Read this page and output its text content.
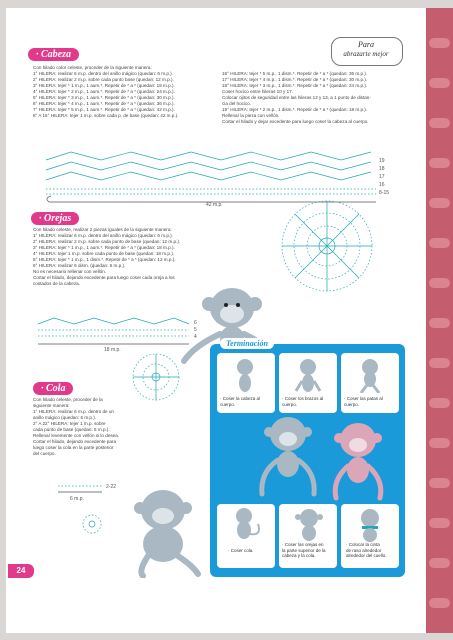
· Cabeza
Con hilado color celeste, proceder de la siguiente manera:
1° HILERA: realizar 6 m.p. dentro del anillo mágico (quedan: 6 m.p.).
2° HILERA: realizar 2 m.p. sobre cada punto base (quedan: 12 m.p.).
3° HILERA: tejer * 1 m.p., 1 aum.*. Repetir de * a * (quedan: 18 m.p.).
4° HILERA: tejer * 2 m.p., 1 aum.*. Repetir de * a * (quedan: 24 m.p.).
5° HILERA: tejer * 3 m.p., 1 aum.*. Repetir de * a * (quedan: 30 m.p.).
6° HILERA: tejer * 4 m.p., 1 aum.*. Repetir de * a * (quedan: 36 m.p.).
7° HILERA: tejer * 5 m.p., 1 aum.*. Repetir de * a * (quedan: 42 m.p.).
8° A 15° HILERA: tejer 1 m.p. sobre cada p. de base (quedan: 42 m.p.).
16° HILERA: tejer * 5 m.p., 1 dism.*. Repetir de * a * (quedan: 36 m.p.).
17° HILERA: tejer * 4 m.p., 1 dism.*. Repetir de * a * (quedan: 30 m.p.).
18° HILERA: tejer * 3 m.p., 1 dism.*. Repetir de * a * (quedan: 24 m.p.).
Coser hocico entre hileras 10 y 17.
Colocar ojitos de seguridad entre las hileras 12 y 13, a 1 punto de distan-
cia del hocico.
19° HILERA: tejer * 2 m.p., 1 dism.*. Repetir de * a * (quedan: 18 m.p.).
Rellenar la pieza con vellón.
Cortar el hilado y dejar excedente para luego coser la cabeza al cuerpo.
Para
abrazarte mejor
19
18
17
16
8-15
42 m.p.
· Orejas
Con hilado celeste, realizar 2 piezas iguales de la siguiente manera:
1° HILERA: realizar 6 m.p. dentro del anillo mágico (quedan: 6 m.p.).
2° HILERA: realizar 2 m.p. sobre cada punto de base (quedan: 12 m.p.).
3° HILERA: tejer * 1 m.p., 1 aum.*. Repetir de * a * (quedan: 18 m.p.).
4° HILERA: tejer 1 m.p. sobre cada punto de base (quedan: 18 m.p.).
5° HILERA: tejer * 1 m.p., 1 dism.*. Repetir de * a * (quedan: 12 m.p.).
6° HILERA: realizar 6 dism. (quedan: 6 m.p.).
No es necesario rellenar con vellón.
Cortar el hilado, dejando excedente para luego coser cada oreja a los
costados de la cabeza.
6
5
4
18 m.p.
· Cola
Con hilado celeste, proceder de la
siguiente manera:
1° HILERA: realizar 6 m.p. dentro de un
anillo mágico (quedan: 6 m.p.).
2° A 22° HILERA: tejer 1 m.p. sobre
cada punto de base (quedan: 6 m.p.).
Rellenar levemente con vellón si lo desea.
Cortar el hilado, dejando excedente para
luego coser la cola en la parte posterior
del cuerpo.
2-22
6 m.p.
Terminación
· Coser la cabeza al
cuerpo.
· Coser los brazos al
cuerpo.
· Coser las patas al
cuerpo.
· Coser cola.
· Coser las orejas en
la parte superior de la
cabeza y la cola.
· Colocar la cinta
de raso alrededor
alrededor del cuello.
24
